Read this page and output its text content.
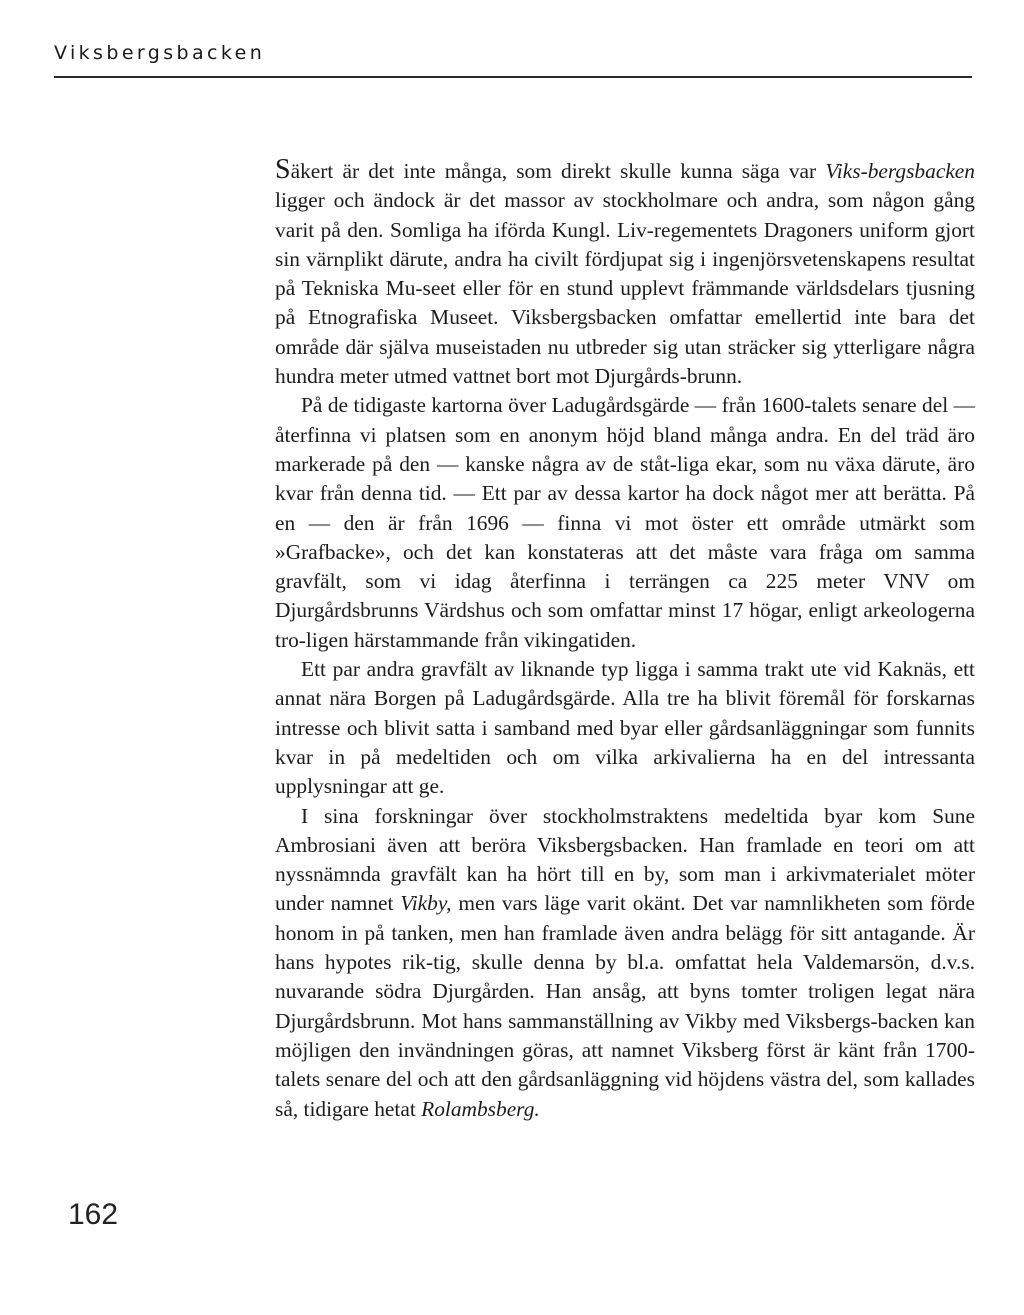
Viksbergsbacken
162

Säkert är det inte många, som direkt skulle kunna säga var Viks-bergsbacken ligger och ändock är det massor av stockholmare och andra, som någon gång varit på den. Somliga ha iförda Kungl. Liv-regementets Dragoners uniform gjort sin värnplikt därute, andra ha civilt fördjupat sig i ingenjörsvetenskapens resultat på Tekniska Mu-seet eller för en stund upplevt främmande världsdelars tjusning på Etnografiska Museet. Viksbergsbacken omfattar emellertid inte bara det område där själva museistaden nu utbreder sig utan sträcker sig ytterligare några hundra meter utmed vattnet bort mot Djurgårds-brunn.

På de tidigaste kartorna över Ladugårdsgärde — från 1600-talets senare del — återfinna vi platsen som en anonym höjd bland många andra. En del träd äro markerade på den — kanske några av de ståt-liga ekar, som nu växa därute, äro kvar från denna tid. — Ett par av dessa kartor ha dock något mer att berätta. På en — den är från 1696 — finna vi mot öster ett område utmärkt som »Grafbacke», och det kan konstateras att det måste vara fråga om samma gravfält, som vi idag återfinna i terrängen ca 225 meter VNV om Djurgårdsbrunns Värdshus och som omfattar minst 17 högar, enligt arkeologerna tro-ligen härstammande från vikingatiden.

Ett par andra gravfält av liknande typ ligga i samma trakt ute vid Kaknäs, ett annat nära Borgen på Ladugårdsgärde. Alla tre ha blivit föremål för forskarnas intresse och blivit satta i samband med byar eller gårdsanläggningar som funnits kvar in på medeltiden och om vilka arkivalierna ha en del intressanta upplysningar att ge.

I sina forskningar över stockholmstraktens medeltida byar kom Sune Ambrosiani även att beröra Viksbergsbacken. Han framlade en teori om att nyssnämnda gravfält kan ha hört till en by, som man i arkivmaterialet möter under namnet Vikby, men vars läge varit okänt. Det var namnlikheten som förde honom in på tanken, men han framlade även andra belägg för sitt antagande. Är hans hypotes rik-tig, skulle denna by bl.a. omfattat hela Valdemarsön, d.v.s. nuvarande södra Djurgården. Han ansåg, att byns tomter troligen legat nära Djurgårdsbrunn. Mot hans sammanställning av Vikby med Viksbergs-backen kan möjligen den invändningen göras, att namnet Viksberg först är känt från 1700-talets senare del och att den gårdsanläggning vid höjdens västra del, som kallades så, tidigare hetat Rolambsberg.
